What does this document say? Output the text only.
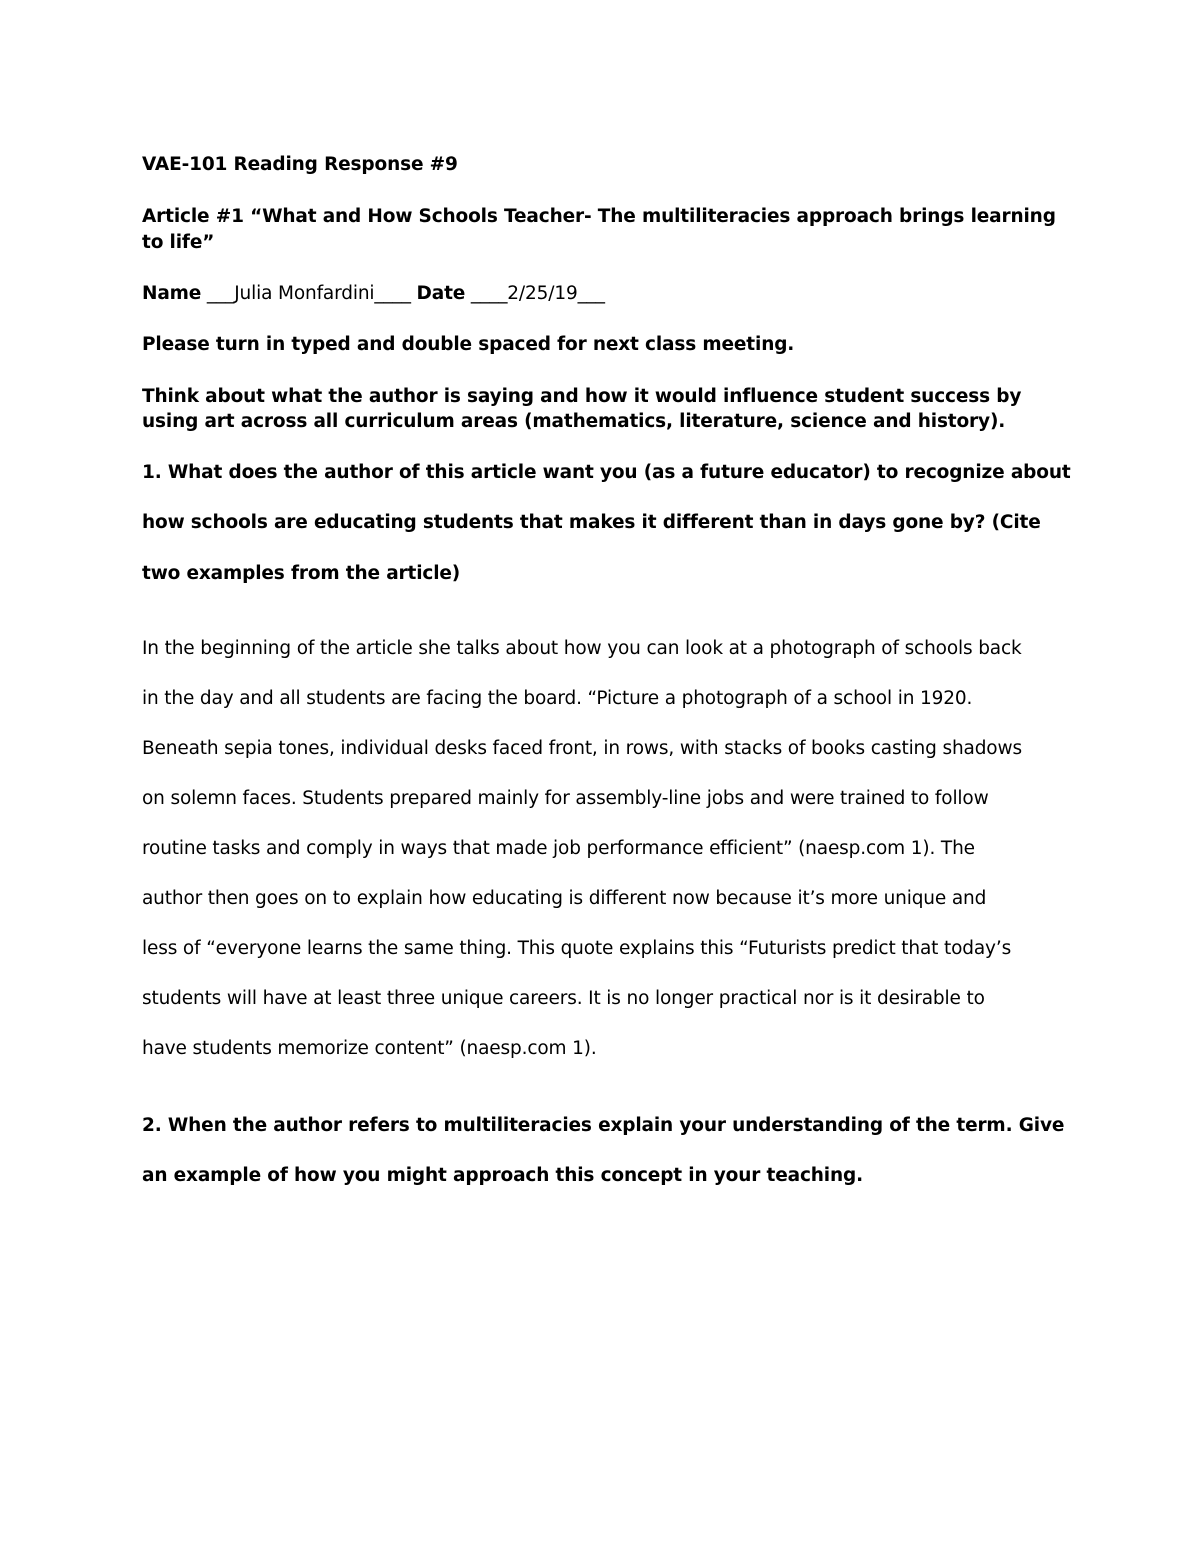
VAE-101 Reading Response #9

Article #1 “What and How Schools Teacher- The multiliteracies approach brings learning

to life”

Name ___Julia Monfardini____ Date ____2/25/19___

Please turn in typed and double spaced for next class meeting.

Think about what the author is saying and how it would influence student success by

using art across all curriculum areas (mathematics, literature, science and history).

1. What does the author of this article want you (as a future educator) to recognize about

how schools are educating students that makes it different than in days gone by? (Cite

two examples from the article)

In the beginning of the article she talks about how you can look at a photograph of schools back

in the day and all students are facing the board. “Picture a photograph of a school in 1920.

Beneath sepia tones, individual desks faced front, in rows, with stacks of books casting shadows

on solemn faces. Students prepared mainly for assembly-line jobs and were trained to follow

routine tasks and comply in ways that made job performance efficient” (naesp.com 1). The

author then goes on to explain how educating is different now because it’s more unique and

less of “everyone learns the same thing. This quote explains this “Futurists predict that today’s

students will have at least three unique careers. It is no longer practical nor is it desirable to

have students memorize content” (naesp.com 1).

2. When the author refers to multiliteracies explain your understanding of the term. Give

an example of how you might approach this concept in your teaching.
